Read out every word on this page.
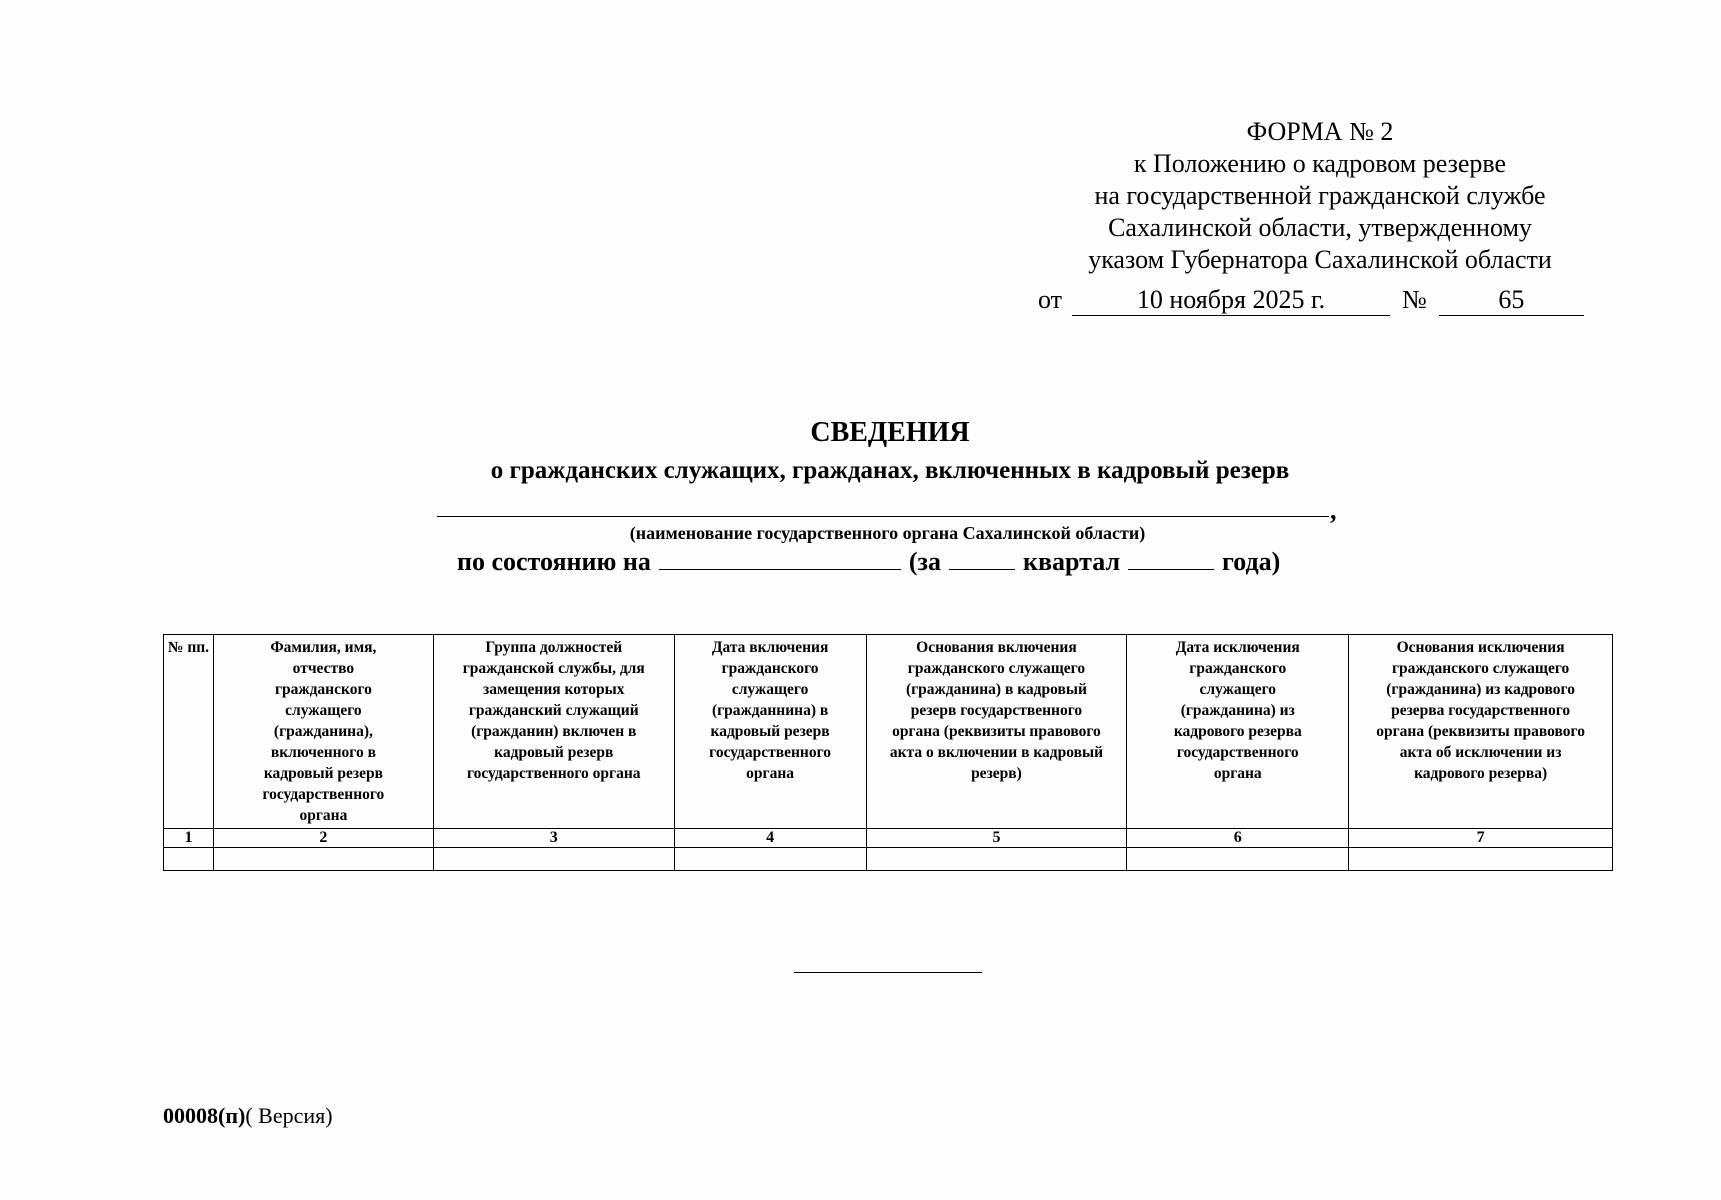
ФОРМА № 2
к Положению о кадровом резерве
на государственной гражданской службе
Сахалинской области, утвержденному
указом Губернатора Сахалинской области
от	10 ноября 2025 г.	№	65
СВЕДЕНИЯ
о гражданских служащих, гражданах, включенных в кадровый резерв
,
(наименование государственного органа Сахалинской области)
по состоянию на	(за	квартал	года)
№ пп.	Фамилия, имя, отчество гражданского служащего (гражданина), включенного в кадровый резерв государственного органа	Группа должностей гражданской службы, для замещения которых гражданский служащий (гражданин) включен в кадровый резерв государственного органа	Дата включения гражданского служащего (гражданнина) в кадровый резерв государственного органа	Основания включения гражданского служащего (гражданина) в кадровый резерв государственного органа (реквизиты правового акта о включении в кадровый резерв)	Дата исключения гражданского служащего (гражданина) из кадрового резерва государственного органа	Основания исключения гражданского служащего (гражданина) из кадрового резерва государственного органа (реквизиты правового акта об исключении из кадрового резерва)
1	2	3	4	5	6	7

00008(п)( Версия)
